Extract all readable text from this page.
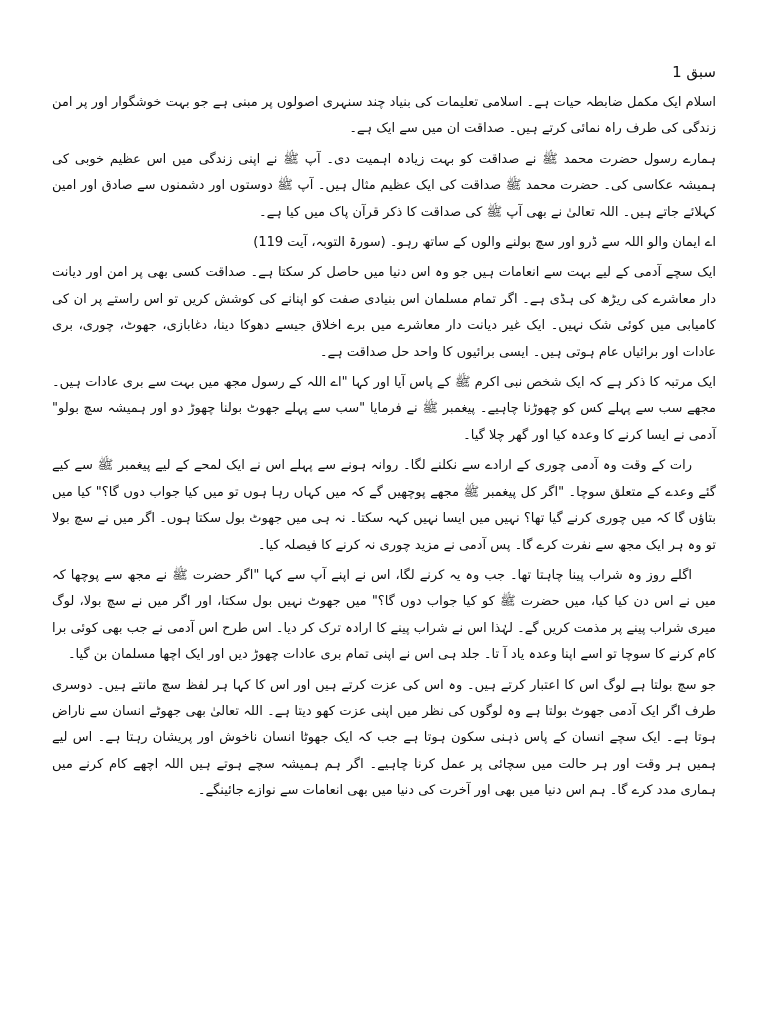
سبق 1

اسلام ایک مکمل ضابطہ حیات ہے۔ اسلامی تعلیمات کی بنیاد چند سنہری اصولوں پر مبنی ہے جو بہت خوشگوار اور پر امن زندگی کی طرف راہ نمائی کرتے ہیں۔ صداقت ان میں سے ایک ہے۔

ہمارے رسول حضرت محمد ﷺ نے صداقت کو بہت زیادہ اہمیت دی۔ آپ ﷺ نے اپنی زندگی میں اس عظیم خوبی کی ہمیشہ عکاسی کی۔ حضرت محمد ﷺ صداقت کی ایک عظیم مثال ہیں۔ آپ ﷺ دوستوں اور دشمنوں سے صادق اور امین کہلائے جاتے ہیں۔ اللہ تعالیٰ نے بھی آپ ﷺ کی صداقت کا ذکر قرآن پاک میں کیا ہے۔

اے ایمان والو اللہ سے ڈرو اور سچ بولنے والوں کے ساتھ رہو۔ (سورۃ التوبہ، آیت 119)

ایک سچے آدمی کے لیے بہت سے انعامات ہیں جو وہ اس دنیا میں حاصل کر سکتا ہے۔ صداقت کسی بھی پر امن اور دیانت دار معاشرے کی ریڑھ کی ہڈی ہے۔ اگر تمام مسلمان اس بنیادی صفت کو اپنانے کی کوشش کریں تو اس راستے پر ان کی کامیابی میں کوئی شک نہیں۔ ایک غیر دیانت دار معاشرے میں برے اخلاق جیسے دھوکا دینا، دغابازی، جھوٹ، چوری، بری عادات اور برائیاں عام ہوتی ہیں۔ ایسی برائیوں کا واحد حل صداقت ہے۔

ایک مرتبہ کا ذکر ہے کہ ایک شخص نبی اکرم ﷺ کے پاس آیا اور کہا "اے اللہ کے رسول مجھ میں بہت سے بری عادات ہیں۔ مجھے سب سے پہلے کس کو چھوڑنا چاہیے۔ پیغمبر ﷺ نے فرمایا "سب سے پہلے جھوٹ بولنا چھوڑ دو اور ہمیشہ سچ بولو" آدمی نے ایسا کرنے کا وعدہ کیا اور گھر چلا گیا۔

رات کے وقت وہ آدمی چوری کے ارادے سے نکلنے لگا۔ روانہ ہونے سے پہلے اس نے ایک لمحے کے لیے پیغمبر ﷺ سے کیے گئے وعدے کے متعلق سوچا۔ "اگر کل پیغمبر ﷺ مجھے پوچھیں گے کہ میں کہاں رہا ہوں تو میں کیا جواب دوں گا؟" کیا میں بتاؤں گا کہ میں چوری کرنے گیا تھا؟ نہیں میں ایسا نہیں کہہ سکتا۔ نہ ہی میں جھوٹ بول سکتا ہوں۔ اگر میں نے سچ بولا تو وہ ہر ایک مجھ سے نفرت کرے گا۔ پس آدمی نے مزید چوری نہ کرنے کا فیصلہ کیا۔

اگلے روز وہ شراب پینا چاہتا تھا۔ جب وہ یہ کرنے لگا، اس نے اپنے آپ سے کہا "اگر حضرت ﷺ نے مجھ سے پوچھا کہ میں نے اس دن کیا کیا، میں حضرت ﷺ کو کیا جواب دوں گا؟" میں جھوٹ نہیں بول سکتا، اور اگر میں نے سچ بولا، لوگ میری شراب پینے پر مذمت کریں گے۔ لہٰذا اس نے شراب پینے کا ارادہ ترک کر دیا۔ اس طرح اس آدمی نے جب بھی کوئی برا کام کرنے کا سوچا تو اسے اپنا وعدہ یاد آ تا۔ جلد ہی اس نے اپنی تمام بری عادات چھوڑ دیں اور ایک اچھا مسلمان بن گیا۔

جو سچ بولتا ہے لوگ اس کا اعتبار کرتے ہیں۔ وہ اس کی عزت کرتے ہیں اور اس کا کہا ہر لفظ سچ مانتے ہیں۔ دوسری طرف اگر ایک آدمی جھوٹ بولتا ہے وہ لوگوں کی نظر میں اپنی عزت کھو دیتا ہے۔ اللہ تعالیٰ بھی جھوٹے انسان سے ناراض ہوتا ہے۔ ایک سچے انسان کے پاس ذہنی سکون ہوتا ہے جب کہ ایک جھوٹا انسان ناخوش اور پریشان رہتا ہے۔ اس لیے ہمیں ہر وقت اور ہر حالت میں سچائی پر عمل کرنا چاہیے۔ اگر ہم ہمیشہ سچے ہوتے ہیں اللہ اچھے کام کرنے میں ہماری مدد کرے گا۔ ہم اس دنیا میں بھی اور آخرت کی دنیا میں بھی انعامات سے نوازے جائینگے۔
